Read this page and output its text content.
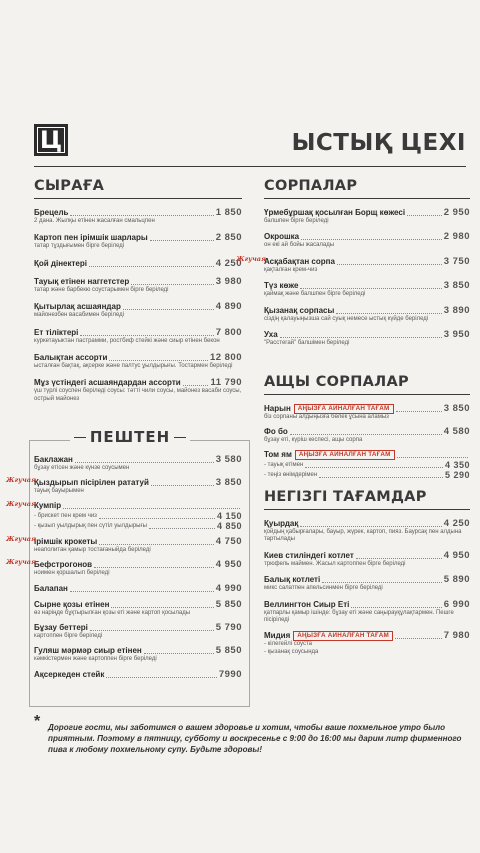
Ц	ЫСТЫҚ ЦЕХІ
СЫРАҒА
Брецель	1 850
2 дана. Жылқы етінен жасалған смальцпен
Картоп пен ірімшік шарлары	2 850
татар тұздығымен бірге беріледі
Қой дінектері	4 250
Тауық етінен наггетстер	3 980
татар және барбекю соустарымен бірге беріледі
Қытырлақ асшаяндар	4 890
майонезбен васабимен беріледі
Ет тіліктері	7 800
куркетауыктан пастрамми, ростбиф стейкі және сиыр етінен бекон
Балықтан ассорти	12 800
ысталған бақтақ, ақсерке және палтус ұылдырығы. Тостармен беріледі
Мұз үстіндегі асшаяндардан ассорти	11 790
үш түрлі соуспен беріледі соусы: тәтті чили соусы, майонез васаби соусы, острый майонез
ПЕШТЕН
Баклажан	3 580
бұзау етісен және күнзе соусымен
Жгучая
Қыздырып пісірілен рататуй	3 850
тауық бауырымен
Жгучая
Кумпір
- брискет пен крем чиз	4 150
- қызыл уылдырық пен сүтіл уылдырығы	4 850
Жгучая
Ірімшік крокеты	4 750
неаполитан қамыр тостағаныйда беріледі
Жгучая
Бефстрогонов	4 950
ноимен қоршалып беріледі
Балапан	4 990
Сырне қозы етінен	5 850
өз наріңде бұқтырылған қозы еті және картоп қосылады
Бұзау беттері	5 790
картоппен бірге беріледі
Гуляш мәрмәр сиыр етінен	5 850
кәмкістермен және картоппен бірге беріледі
Ақсеркеден стейк	7990
СОРПАЛАР
Үрмебұршақ қосылған Борщ көжесі	2 950
балшпен бірге беріледі
Окрошка	2 980
он екі ай бойы жасалады
Жгучая
Асқабақтан сорпа	3 750
қақталған крем-чиз
Түз көже	3 850
қаймақ және балшпен бірге беріледі
Қызанақ сорпасы	3 890
сіздің қалауыңызша сай суық немесе ыстық күйде беріледі
Уха	3 950
"Расстегай" балшімен беріледі
АЩЫ СОРПАЛАР
Нарын	АҢЫЗҒА АЙНАЛҒАН ТАҒАМ	3 850
біз сорпаны алдыңызға бөлек ұсына аламыз
Фо бо	4 580
бұзау еті, күріш кеспесі, ащы сорпа
Том ям	АҢЫЗҒА АЙНАЛҒАН ТАҒАМ
- тауық етімен	4 350
- теңіз өнімдерімен	5 290
НЕГІЗГІ ТАҒАМДАР
Қуырдақ	4 250
қойдың қабырғалары, бауыр, жүрек, картоп, пияз. Баурсақ пен алдына тартылады
Киев стиліндегі котлет	4 950
трюфель маймен. Жасыл картоппен бірге беріледі
Балық котлеті	5 890
микс салатпен апельсинмен бірге беріледі
Веллингтон Сиыр Еті	6 990
қатпарлы қамыр ішінде: бұзау еті және саңырауқұлақтармен. Пешге пісіріледі
Мидия	АҢЫЗҒА АЙНАЛҒАН ТАҒАМ	7 980
- кілегейлі соуста
- қызанақ соусында
* Дорогие гости, мы заботимся о вашем здоровье и хотим, чтобы ваше похмельное утро было приятным. Поэтому в пятницу, субботу и воскресенье с 9:00 до 16:00 мы дарим литр фирменного пива к любому похмельному супу. Будьте здоровы!
